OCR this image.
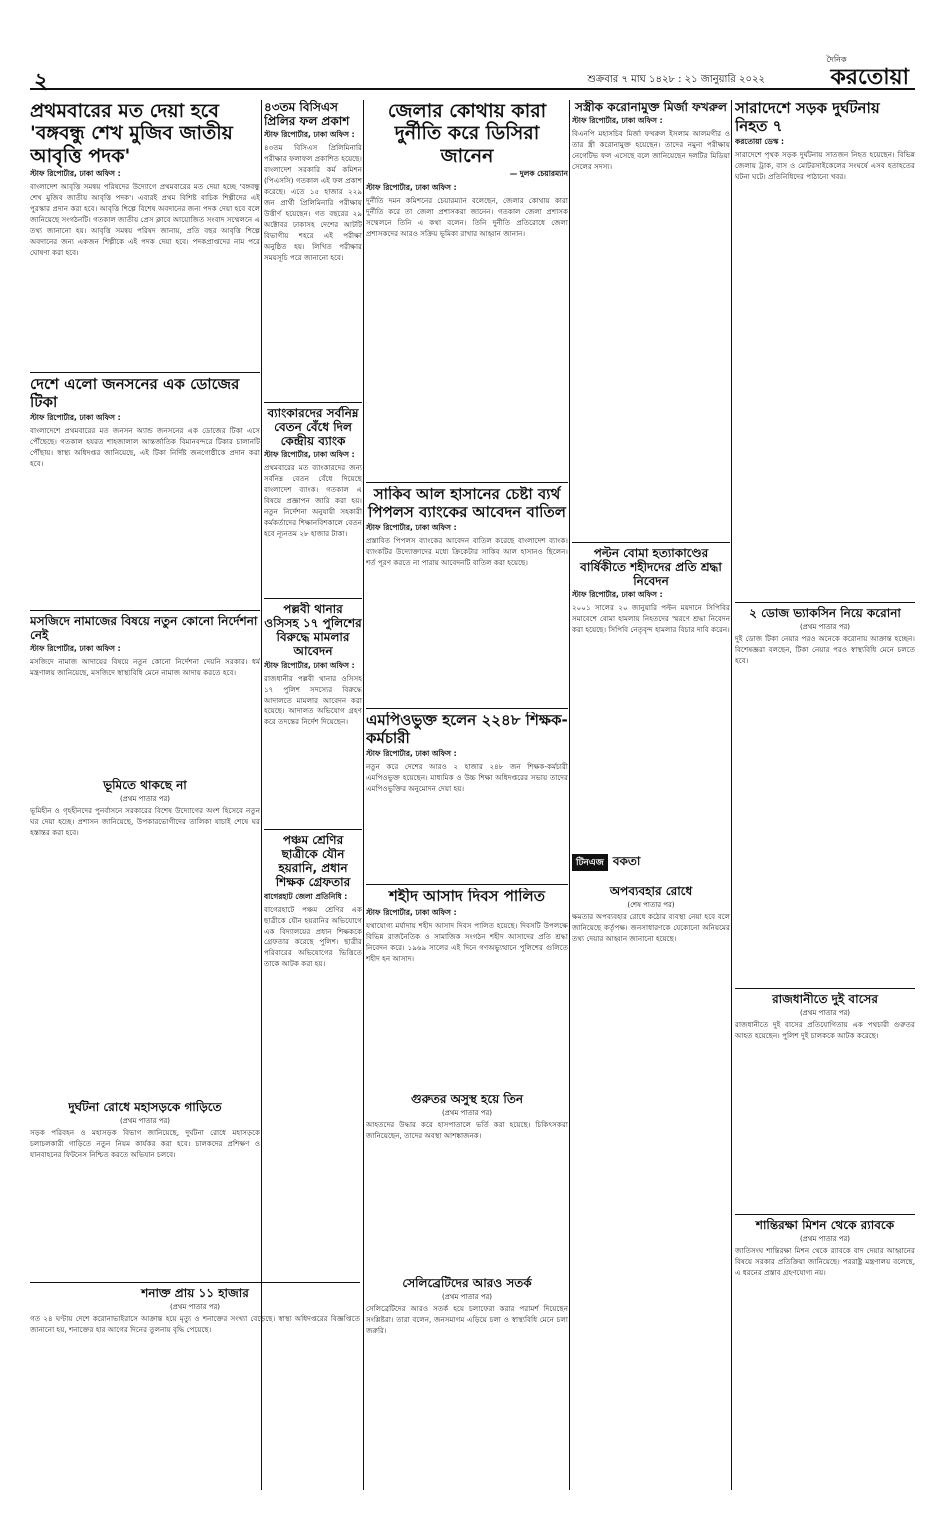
২	শুক্রবার ৭ মাঘ ১৪২৮ : ২১ জানুয়ারি ২০২২
দৈনিক
করতোয়া
প্রথমবারের মত দেয়া হবে 'বঙ্গবন্ধু শেখ মুজিব জাতীয় আবৃত্তি পদক'
স্টাফ রিপোর্টার, ঢাকা অফিস :
বাংলাদেশ আবৃত্তি সমন্বয় পরিষদের উদ্যোগে প্রথমবারের মত দেয়া হচ্ছে 'বঙ্গবন্ধু শেখ মুজিব জাতীয় আবৃত্তি পদক'। এবারই প্রথম বিশিষ্ট বাচিক শিল্পীদের এই পুরস্কার প্রদান করা হবে। আবৃত্তি শিল্পে বিশেষ অবদানের জন্য পদক দেয়া হবে বলে জানিয়েছে সংগঠনটি। গতকাল জাতীয় প্রেস ক্লাবে আয়োজিত সংবাদ সম্মেলনে এ তথ্য জানানো হয়। আবৃত্তি সমন্বয় পরিষদ জানায়, প্রতি বছর আবৃত্তি শিল্পে অবদানের জন্য একজন শিল্পীকে এই পদক দেয়া হবে। পদকপ্রাপ্তদের নাম পরে ঘোষণা করা হবে।
দেশে এলো জনসনের এক ডোজের টিকা
স্টাফ রিপোর্টার, ঢাকা অফিস :
বাংলাদেশে প্রথমবারের মত জনসন অ্যান্ড জনসনের এক ডোজের টিকা এসে পৌঁছেছে। গতকাল হযরত শাহজালাল আন্তর্জাতিক বিমানবন্দরে টিকার চালানটি পৌঁছায়। স্বাস্থ্য অধিদপ্তর জানিয়েছে, এই টিকা নির্দিষ্ট জনগোষ্ঠীকে প্রদান করা হবে।
মসজিদে নামাজের বিষয়ে নতুন কোনো নির্দেশনা নেই
স্টাফ রিপোর্টার, ঢাকা অফিস :
মসজিদে নামাজ আদায়ের বিষয়ে নতুন কোনো নির্দেশনা দেয়নি সরকার। ধর্ম মন্ত্রণালয় জানিয়েছে, মসজিদে স্বাস্থ্যবিধি মেনে নামাজ আদায় করতে হবে।
ভূমিতে থাকছে না
(প্রথম পাতার পর)
ভূমিহীন ও গৃহহীনদের পুনর্বাসনে সরকারের বিশেষ উদ্যোগের অংশ হিসেবে নতুন ঘর দেয়া হচ্ছে। প্রশাসন জানিয়েছে, উপকারভোগীদের তালিকা যাচাই শেষে ঘর হস্তান্তর করা হবে।
দুর্ঘটনা রোধে মহাসড়কে গাড়িতে
(প্রথম পাতার পর)
সড়ক পরিবহন ও মহাসড়ক বিভাগ জানিয়েছে, দুর্ঘটনা রোধে মহাসড়কে চলাচলকারী গাড়িতে নতুন নিয়ম কার্যকর করা হবে। চালকদের প্রশিক্ষণ ও যানবাহনের ফিটনেস নিশ্চিত করতে অভিযান চলবে।
শনাক্ত প্রায় ১১ হাজার
(প্রথম পাতার পর)
গত ২৪ ঘণ্টায় দেশে করোনাভাইরাসে আক্রান্ত হয়ে মৃত্যু ও শনাক্তের সংখ্যা বেড়েছে। স্বাস্থ্য অধিদপ্তরের বিজ্ঞপ্তিতে জানানো হয়, শনাক্তের হার আগের দিনের তুলনায় বৃদ্ধি পেয়েছে।
৪৩তম বিসিএস প্রিলির ফল প্রকাশ
স্টাফ রিপোর্টার, ঢাকা অফিস :
৪৩তম বিসিএস প্রিলিমিনারি পরীক্ষার ফলাফল প্রকাশিত হয়েছে। বাংলাদেশ সরকারি কর্ম কমিশন (পিএসসি) গতকাল এই ফল প্রকাশ করেছে। এতে ১৫ হাজার ২২৯ জন প্রার্থী প্রিলিমিনারি পরীক্ষায় উত্তীর্ণ হয়েছেন। গত বছরের ২৯ অক্টোবর ঢাকাসহ দেশের আটটি বিভাগীয় শহরে এই পরীক্ষা অনুষ্ঠিত হয়। লিখিত পরীক্ষার সময়সূচি পরে জানানো হবে।
ব্যাংকারদের সর্বনিম্ন বেতন বেঁধে দিল কেন্দ্রীয় ব্যাংক
স্টাফ রিপোর্টার, ঢাকা অফিস :
প্রথমবারের মত ব্যাংকারদের জন্য সর্বনিম্ন বেতন বেঁধে দিয়েছে বাংলাদেশ ব্যাংক। গতকাল এ বিষয়ে প্রজ্ঞাপন জারি করা হয়। নতুন নির্দেশনা অনুযায়ী সহকারী কর্মকর্তাদের শিক্ষানবিশকালে বেতন হবে ন্যূনতম ২৮ হাজার টাকা।
পল্লবী থানার ওসিসহ ১৭ পুলিশের বিরুদ্ধে মামলার আবেদন
স্টাফ রিপোর্টার, ঢাকা অফিস :
রাজধানীর পল্লবী থানার ওসিসহ ১৭ পুলিশ সদস্যের বিরুদ্ধে আদালতে মামলার আবেদন করা হয়েছে। আদালত অভিযোগ গ্রহণ করে তদন্তের নির্দেশ দিয়েছেন।
পঞ্চম শ্রেণির ছাত্রীকে যৌন হয়রানি, প্রধান শিক্ষক গ্রেফতার
বাগেরহাট জেলা প্রতিনিধি :
বাগেরহাটে পঞ্চম শ্রেণির এক ছাত্রীকে যৌন হয়রানির অভিযোগে এক বিদ্যালয়ের প্রধান শিক্ষককে গ্রেফতার করেছে পুলিশ। ছাত্রীর পরিবারের অভিযোগের ভিত্তিতে তাকে আটক করা হয়।
জেলার কোথায় কারা দুর্নীতি করে ডিসিরা জানেন
— দুলক চেয়ারম্যান
স্টাফ রিপোর্টার, ঢাকা অফিস :
দুর্নীতি দমন কমিশনের চেয়ারম্যান বলেছেন, জেলার কোথায় কারা দুর্নীতি করে তা জেলা প্রশাসকরা জানেন। গতকাল জেলা প্রশাসক সম্মেলনে তিনি এ কথা বলেন। তিনি দুর্নীতি প্রতিরোধে জেলা প্রশাসকদের আরও সক্রিয় ভূমিকা রাখার আহ্বান জানান।
সাকিব আল হাসানের চেষ্টা ব্যর্থ পিপলস ব্যাংকের আবেদন বাতিল
স্টাফ রিপোর্টার, ঢাকা অফিস :
প্রস্তাবিত পিপলস ব্যাংকের আবেদন বাতিল করেছে বাংলাদেশ ব্যাংক। ব্যাংকটির উদ্যোক্তাদের মধ্যে ক্রিকেটার সাকিব আল হাসানও ছিলেন। শর্ত পূরণ করতে না পারায় আবেদনটি বাতিল করা হয়েছে।
এমপিওভুক্ত হলেন ২২৪৮ শিক্ষক-কর্মচারী
স্টাফ রিপোর্টার, ঢাকা অফিস :
নতুন করে দেশের আরও ২ হাজার ২৪৮ জন শিক্ষক-কর্মচারী এমপিওভুক্ত হয়েছেন। মাধ্যমিক ও উচ্চ শিক্ষা অধিদপ্তরের সভায় তাদের এমপিওভুক্তির অনুমোদন দেয়া হয়।
শহীদ আসাদ দিবস পালিত
স্টাফ রিপোর্টার, ঢাকা অফিস :
যথাযোগ্য মর্যাদায় শহীদ আসাদ দিবস পালিত হয়েছে। দিবসটি উপলক্ষে বিভিন্ন রাজনৈতিক ও সামাজিক সংগঠন শহীদ আসাদের প্রতি শ্রদ্ধা নিবেদন করে। ১৯৬৯ সালের এই দিনে গণঅভ্যুত্থানে পুলিশের গুলিতে শহীদ হন আসাদ।
গুরুতর অসুস্থ হয়ে তিন
(প্রথম পাতার পর)
আহতদের উদ্ধার করে হাসপাতালে ভর্তি করা হয়েছে। চিকিৎসকরা জানিয়েছেন, তাদের অবস্থা আশঙ্কাজনক।
সেলিব্রেটিদের আরও সতর্ক
(প্রথম পাতার পর)
সেলিব্রেটিদের আরও সতর্ক হয়ে চলাফেরা করার পরামর্শ দিয়েছেন সংশ্লিষ্টরা। তারা বলেন, জনসমাগম এড়িয়ে চলা ও স্বাস্থ্যবিধি মেনে চলা জরুরি।
সস্ত্রীক করোনামুক্ত মির্জা ফখরুল
স্টাফ রিপোর্টার, ঢাকা অফিস :
বিএনপি মহাসচিব মির্জা ফখরুল ইসলাম আলমগীর ও তার স্ত্রী করোনামুক্ত হয়েছেন। তাদের নমুনা পরীক্ষায় নেগেটিভ ফল এসেছে বলে জানিয়েছেন দলটির মিডিয়া সেলের সদস্য।
পল্টন বোমা হত্যাকাণ্ডের বার্ষিকীতে শহীদদের প্রতি শ্রদ্ধা নিবেদন
স্টাফ রিপোর্টার, ঢাকা অফিস :
২০০১ সালের ২০ জানুয়ারি পল্টন ময়দানে সিপিবির সমাবেশে বোমা হামলায় নিহতদের স্মরণে শ্রদ্ধা নিবেদন করা হয়েছে। সিপিবি নেতৃবৃন্দ হামলার বিচার দাবি করেন।
টিনএজ বকতা
অপব্যবহার রোধে
(শেষ পাতার পর)
ক্ষমতার অপব্যবহার রোধে কঠোর ব্যবস্থা নেয়া হবে বলে জানিয়েছে কর্তৃপক্ষ। জনসাধারণকে যেকোনো অনিয়মের তথ্য দেয়ার আহ্বান জানানো হয়েছে।
সারাদেশে সড়ক দুর্ঘটনায় নিহত ৭
করতোয়া ডেস্ক :
সারাদেশে পৃথক সড়ক দুর্ঘটনায় সাতজন নিহত হয়েছেন। বিভিন্ন জেলায় ট্রাক, বাস ও মোটরসাইকেলের সংঘর্ষে এসব হতাহতের ঘটনা ঘটে। প্রতিনিধিদের পাঠানো খবর।
২ ডোজ ভ্যাকসিন নিয়ে করোনা
(প্রথম পাতার পর)
দুই ডোজ টিকা নেয়ার পরও অনেকে করোনায় আক্রান্ত হচ্ছেন। বিশেষজ্ঞরা বলছেন, টিকা নেয়ার পরও স্বাস্থ্যবিধি মেনে চলতে হবে।
রাজধানীতে দুই বাসের
(প্রথম পাতার পর)
রাজধানীতে দুই বাসের প্রতিযোগিতায় এক পথচারী গুরুতর আহত হয়েছেন। পুলিশ দুই চালককে আটক করেছে।
শান্তিরক্ষা মিশন থেকে র‌্যাবকে
(প্রথম পাতার পর)
জাতিসংঘ শান্তিরক্ষা মিশন থেকে র‌্যাবকে বাদ দেয়ার আহ্বানের বিষয়ে সরকার প্রতিক্রিয়া জানিয়েছে। পররাষ্ট্র মন্ত্রণালয় বলেছে, এ ধরনের প্রস্তাব গ্রহণযোগ্য নয়।
